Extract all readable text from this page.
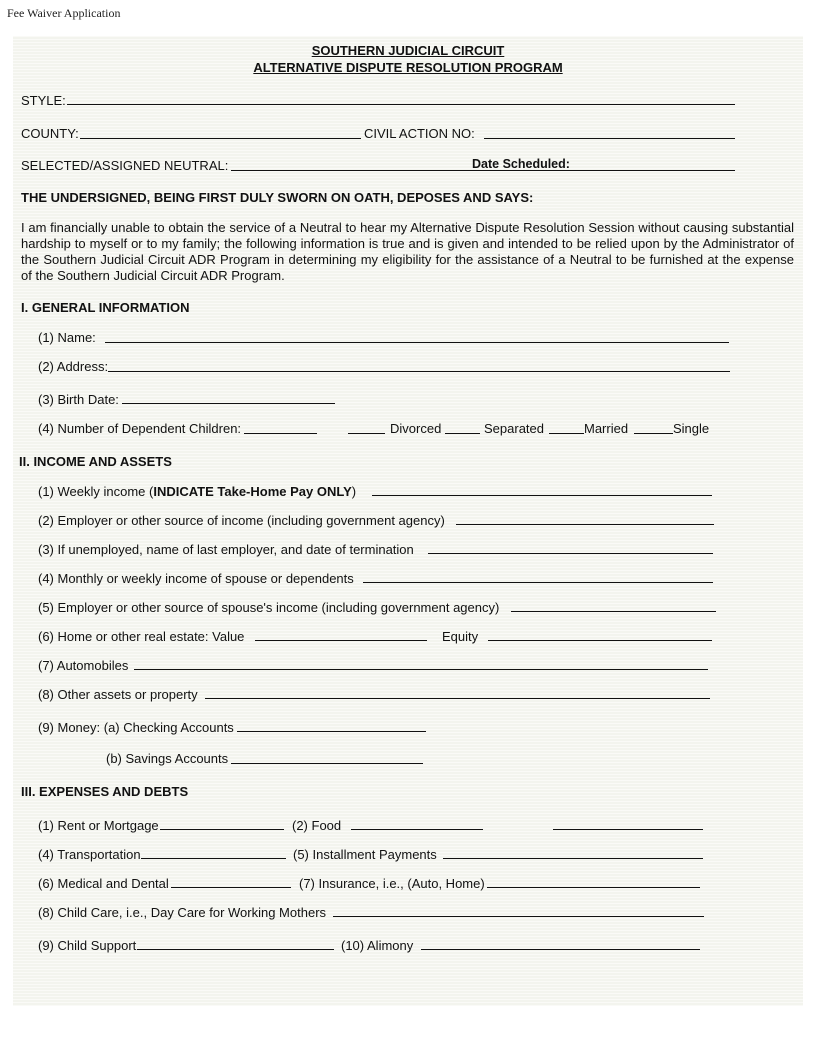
Fee Waiver Application
SOUTHERN JUDICIAL CIRCUIT
ALTERNATIVE DISPUTE RESOLUTION PROGRAM
STYLE:
COUNTY:	CIVIL ACTION NO:
SELECTED/ASSIGNED NEUTRAL:	Date Scheduled:
THE UNDERSIGNED, BEING FIRST DULY SWORN ON OATH, DEPOSES AND SAYS:
I am financially unable to obtain the service of a Neutral to hear my Alternative Dispute Resolution Session without causing substantial hardship to myself or to my family; the following information is true and is given and intended to be relied upon by the Administrator of the Southern Judicial Circuit ADR Program in determining my eligibility for the assistance of a Neutral to be furnished at the expense of the Southern Judicial Circuit ADR Program.
I. GENERAL INFORMATION
(1) Name:
(2) Address:
(3) Birth Date:
(4) Number of Dependent Children:	Divorced	Separated	Married	Single
II. INCOME AND ASSETS
(1) Weekly income (INDICATE Take-Home Pay ONLY)
(2) Employer or other source of income (including government agency)
(3) If unemployed, name of last employer, and date of termination
(4) Monthly or weekly income of spouse or dependents
(5) Employer or other source of spouse's income (including government agency)
(6) Home or other real estate: Value	Equity
(7) Automobiles
(8) Other assets or property
(9) Money: (a) Checking Accounts
(b) Savings Accounts
III. EXPENSES AND DEBTS
(1) Rent or Mortgage	(2) Food
(4) Transportation	(5) Installment Payments
(6) Medical and Dental	(7) Insurance, i.e., (Auto, Home)
(8) Child Care, i.e., Day Care for Working Mothers
(9) Child Support	(10) Alimony
